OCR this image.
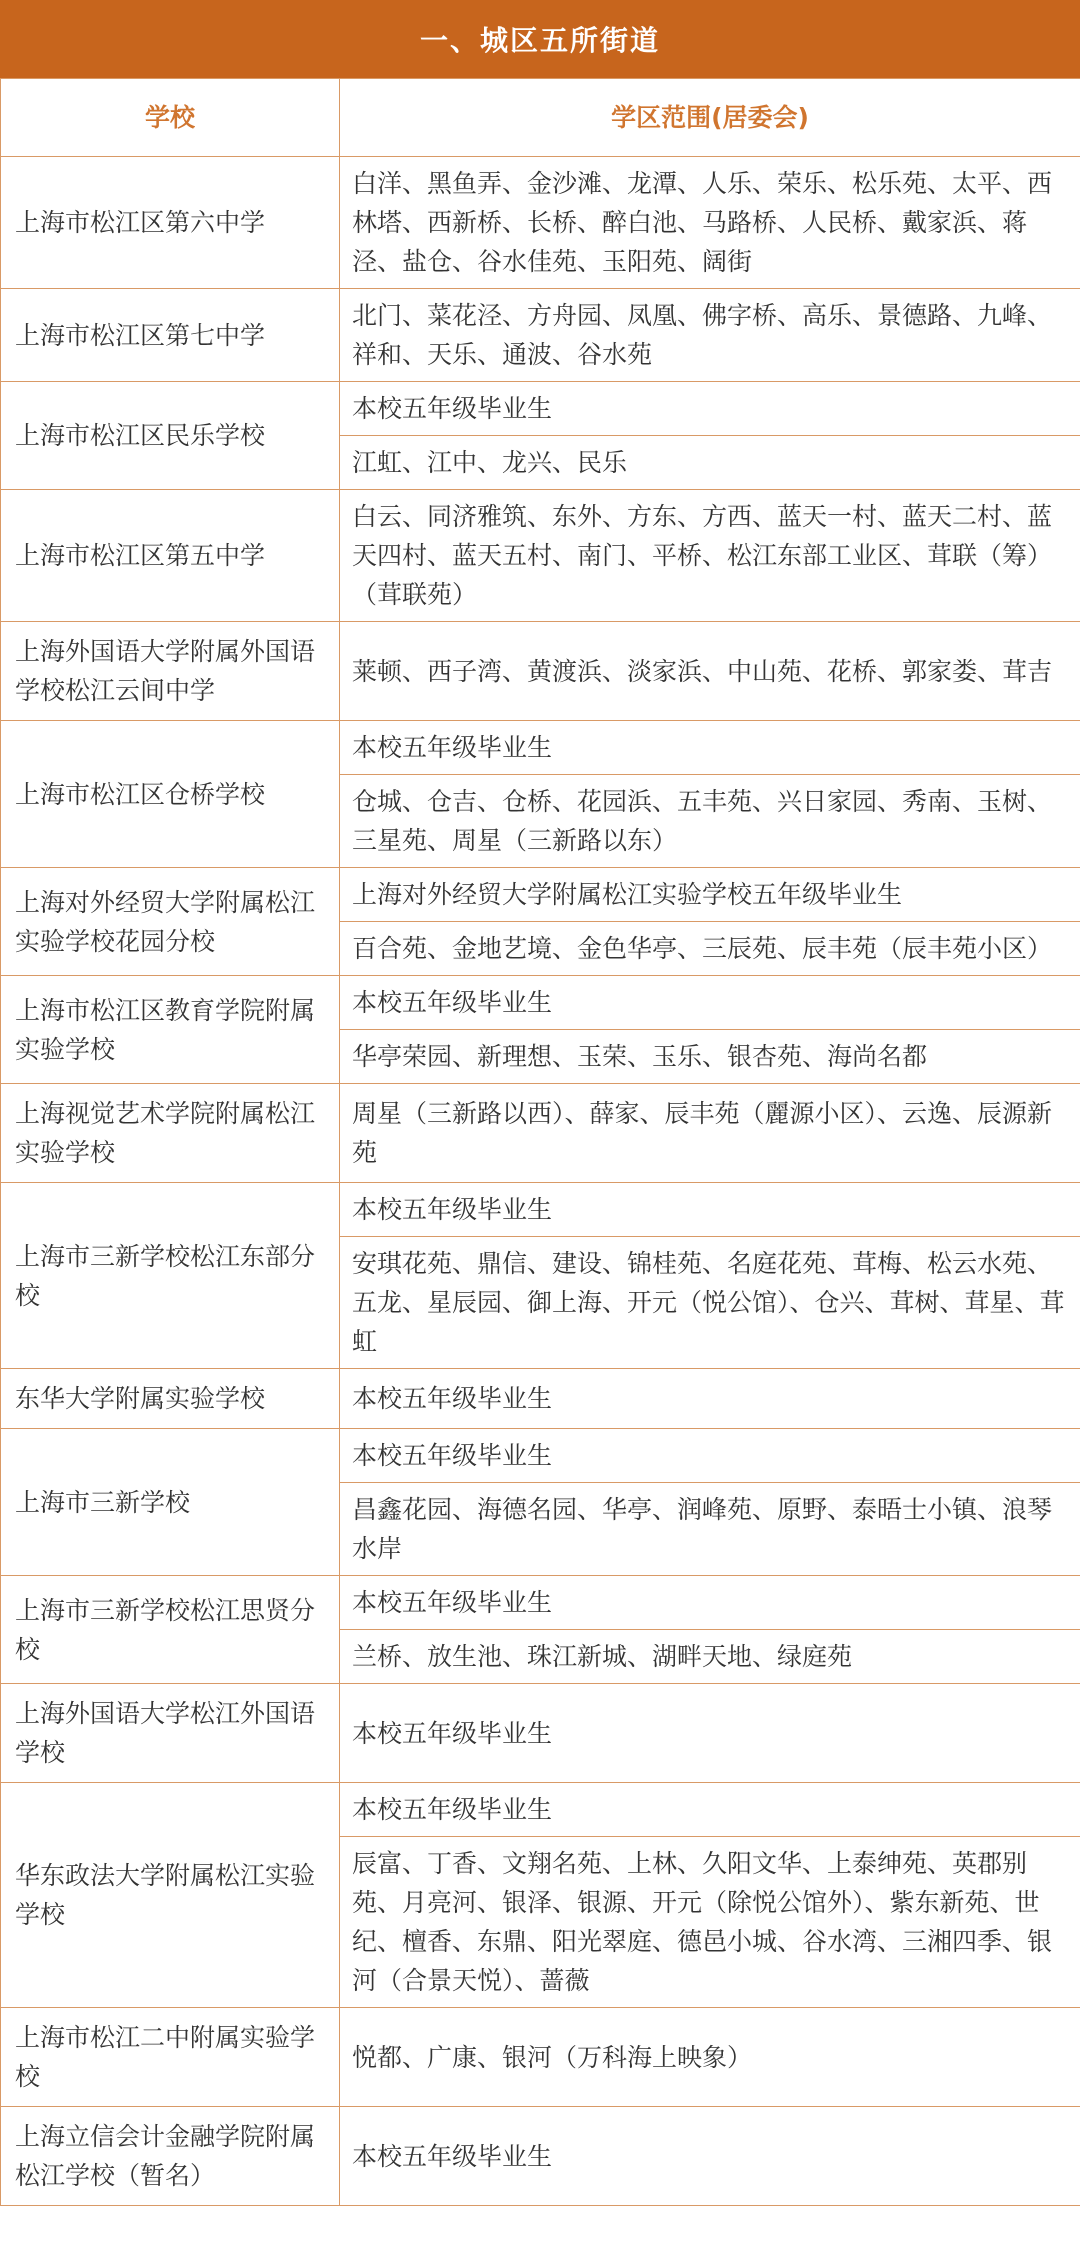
一、城区五所街道
学校	学区范围(居委会)
上海市松江区第六中学	白洋、黑鱼弄、金沙滩、龙潭、人乐、荣乐、松乐苑、太平、西林塔、西新桥、长桥、醉白池、马路桥、人民桥、戴家浜、蒋泾、盐仓、谷水佳苑、玉阳苑、阔街
上海市松江区第七中学	北门、菜花泾、方舟园、凤凰、佛字桥、高乐、景德路、九峰、祥和、天乐、通波、谷水苑
上海市松江区民乐学校	本校五年级毕业生
	江虹、江中、龙兴、民乐
上海市松江区第五中学	白云、同济雅筑、东外、方东、方西、蓝天一村、蓝天二村、蓝天四村、蓝天五村、南门、平桥、松江东部工业区、茸联（筹）（茸联苑）
上海外国语大学附属外国语学校松江云间中学	莱顿、西子湾、黄渡浜、淡家浜、中山苑、花桥、郭家娄、茸吉
上海市松江区仓桥学校	本校五年级毕业生
	仓城、仓吉、仓桥、花园浜、五丰苑、兴日家园、秀南、玉树、三星苑、周星（三新路以东）
上海对外经贸大学附属松江实验学校花园分校	上海对外经贸大学附属松江实验学校五年级毕业生
	百合苑、金地艺境、金色华亭、三辰苑、辰丰苑（辰丰苑小区）
上海市松江区教育学院附属实验学校	本校五年级毕业生
	华亭荣园、新理想、玉荣、玉乐、银杏苑、海尚名都
上海视觉艺术学院附属松江实验学校	周星（三新路以西）、薛家、辰丰苑（麗源小区）、云逸、辰源新苑
上海市三新学校松江东部分校	本校五年级毕业生
	安琪花苑、鼎信、建设、锦桂苑、名庭花苑、茸梅、松云水苑、五龙、星辰园、御上海、开元（悦公馆）、仓兴、茸树、茸星、茸虹
东华大学附属实验学校	本校五年级毕业生
上海市三新学校	本校五年级毕业生
	昌鑫花园、海德名园、华亭、润峰苑、原野、泰晤士小镇、浪琴水岸
上海市三新学校松江思贤分校	本校五年级毕业生
	兰桥、放生池、珠江新城、湖畔天地、绿庭苑
上海外国语大学松江外国语学校	本校五年级毕业生
华东政法大学附属松江实验学校	本校五年级毕业生
	辰富、丁香、文翔名苑、上林、久阳文华、上泰绅苑、英郡别苑、月亮河、银泽、银源、开元（除悦公馆外）、紫东新苑、世纪、檀香、东鼎、阳光翠庭、德邑小城、谷水湾、三湘四季、银河（合景天悦）、蔷薇
上海市松江二中附属实验学校	悦都、广康、银河（万科海上映象）
上海立信会计金融学院附属松江学校（暂名）	本校五年级毕业生
